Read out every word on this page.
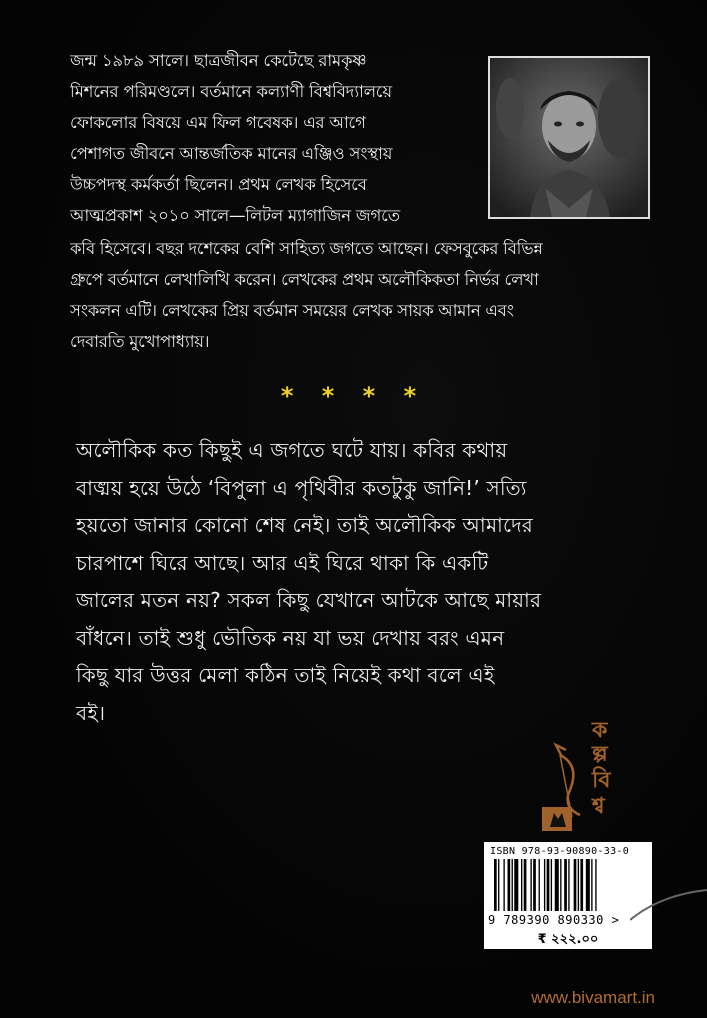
জন্ম ১৯৮৯ সালে। ছাত্রজীবন কেটেছে রামকৃষ্ণ
মিশনের পরিমণ্ডলে। বর্তমানে কল্যাণী বিশ্ববিদ্যালয়ে
ফোকলোর বিষয়ে এম ফিল গবেষক। এর আগে
পেশাগত জীবনে আন্তর্জতিক মানের এঞ্জিও সংস্থায়
উচ্চপদস্থ কর্মকর্তা ছিলেন। প্রথম লেখক হিসেবে
আত্মপ্রকাশ ২০১০ সালে—লিটল ম্যাগাজিন জগতে
কবি হিসেবে। বছর দশেকের বেশি সাহিত্য জগতে আছেন। ফেসবুকের বিভিন্ন
গ্রুপে বর্তমানে লেখালিখি করেন। লেখকের প্রথম অলৌকিকতা নির্ভর লেখা
সংকলন এটি। লেখকের প্রিয় বর্তমান সময়ের লেখক সায়ক আমান এবং
দেবারতি মুখোপাধ্যায়।
* * * *
অলৌকিক কত কিছুই এ জগতে ঘটে যায়। কবির কথায়
বাঙ্ময় হয়ে উঠে ‘বিপুলা এ পৃথিবীর কতটুকু জানি!’ সত্যি
হয়তো জানার কোনো শেষ নেই। তাই অলৌকিক আমাদের
চারপাশে ঘিরে আছে। আর এই ঘিরে থাকা কি একটি
জালের মতন নয়? সকল কিছু যেখানে আটকে আছে মায়ার
বাঁধনে। তাই শুধু ভৌতিক নয় যা ভয় দেখায় বরং এমন
কিছু যার উত্তর মেলা কঠিন তাই নিয়েই কথা বলে এই
বই।
ক
ল্প
বি
শ্ব
ISBN 978-93-90890-33-0
9 789390 890330 >
₹ ২২২.০০
www.bivamart.in
